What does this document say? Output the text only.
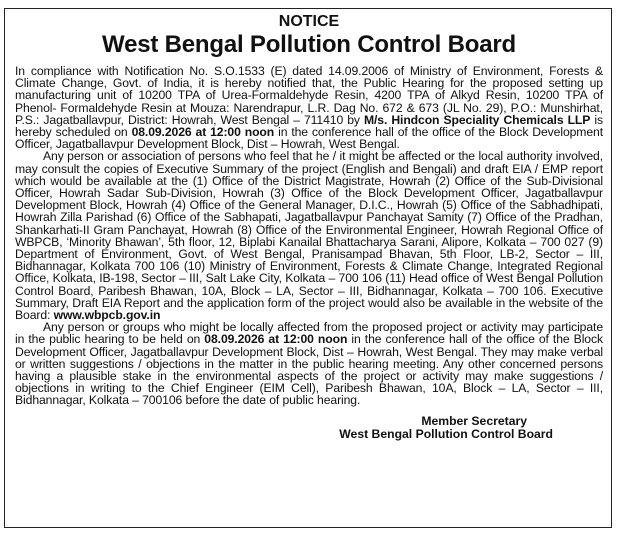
NOTICE
West Bengal Pollution Control Board

In compliance with Notification No. S.O.1533 (E) dated 14.09.2006 of Ministry of Environment, Forests & Climate Change, Govt. of India, it is hereby notified that, the Public Hearing for the proposed setting up manufacturing unit of 10200 TPA of Urea-Formaldehyde Resin, 4200 TPA of Alkyd Resin, 10200 TPA of Phenol- Formaldehyde Resin at Mouza: Narendrapur, L.R. Dag No. 672 & 673 (JL No. 29), P.O.: Munshirhat, P.S.: Jagatballavpur, District: Howrah, West Bengal – 711410 by M/s. Hindcon Speciality Chemicals LLP is hereby scheduled on 08.09.2026 at 12:00 noon in the conference hall of the office of the Block Development Officer, Jagatballavpur Development Block, Dist – Howrah, West Bengal.

Any person or association of persons who feel that he / it might be affected or the local authority involved, may consult the copies of Executive Summary of the project (English and Bengali) and draft EIA / EMP report which would be available at the (1) Office of the District Magistrate, Howrah (2) Office of the Sub-Divisional Officer, Howrah Sadar Sub-Division, Howrah (3) Office of the Block Development Officer, Jagatballavpur Development Block, Howrah (4) Office of the General Manager, D.I.C., Howrah (5) Office of the Sabhadhipati, Howrah Zilla Parishad (6) Office of the Sabhapati, Jagatballavpur Panchayat Samity (7) Office of the Pradhan, Shankarhati-II Gram Panchayat, Howrah (8) Office of the Environmental Engineer, Howrah Regional Office of WBPCB, ‘Minority Bhawan’, 5th floor, 12, Biplabi Kanailal Bhattacharya Sarani, Alipore, Kolkata – 700 027 (9) Department of Environment, Govt. of West Bengal, Pranisampad Bhavan, 5th Floor, LB-2, Sector – III, Bidhannagar, Kolkata 700 106 (10) Ministry of Environment, Forests & Climate Change, Integrated Regional Office, Kolkata, IB-198, Sector – III, Salt Lake City, Kolkata – 700 106 (11) Head office of West Bengal Pollution Control Board, Paribesh Bhawan, 10A, Block – LA, Sector – III, Bidhannagar, Kolkata – 700 106. Executive Summary, Draft EIA Report and the application form of the project would also be available in the website of the Board: www.wbpcb.gov.in

Any person or groups who might be locally affected from the proposed project or activity may participate in the public hearing to be held on 08.09.2026 at 12:00 noon in the conference hall of the office of the Block Development Officer, Jagatballavpur Development Block, Dist – Howrah, West Bengal. They may make verbal or written suggestions / objections in the matter in the public hearing meeting. Any other concerned persons having a plausible stake in the environmental aspects of the project or activity may make suggestions / objections in writing to the Chief Engineer (EIM Cell), Paribesh Bhawan, 10A, Block – LA, Sector – III, Bidhannagar, Kolkata – 700106 before the date of public hearing.

Member Secretary
West Bengal Pollution Control Board
